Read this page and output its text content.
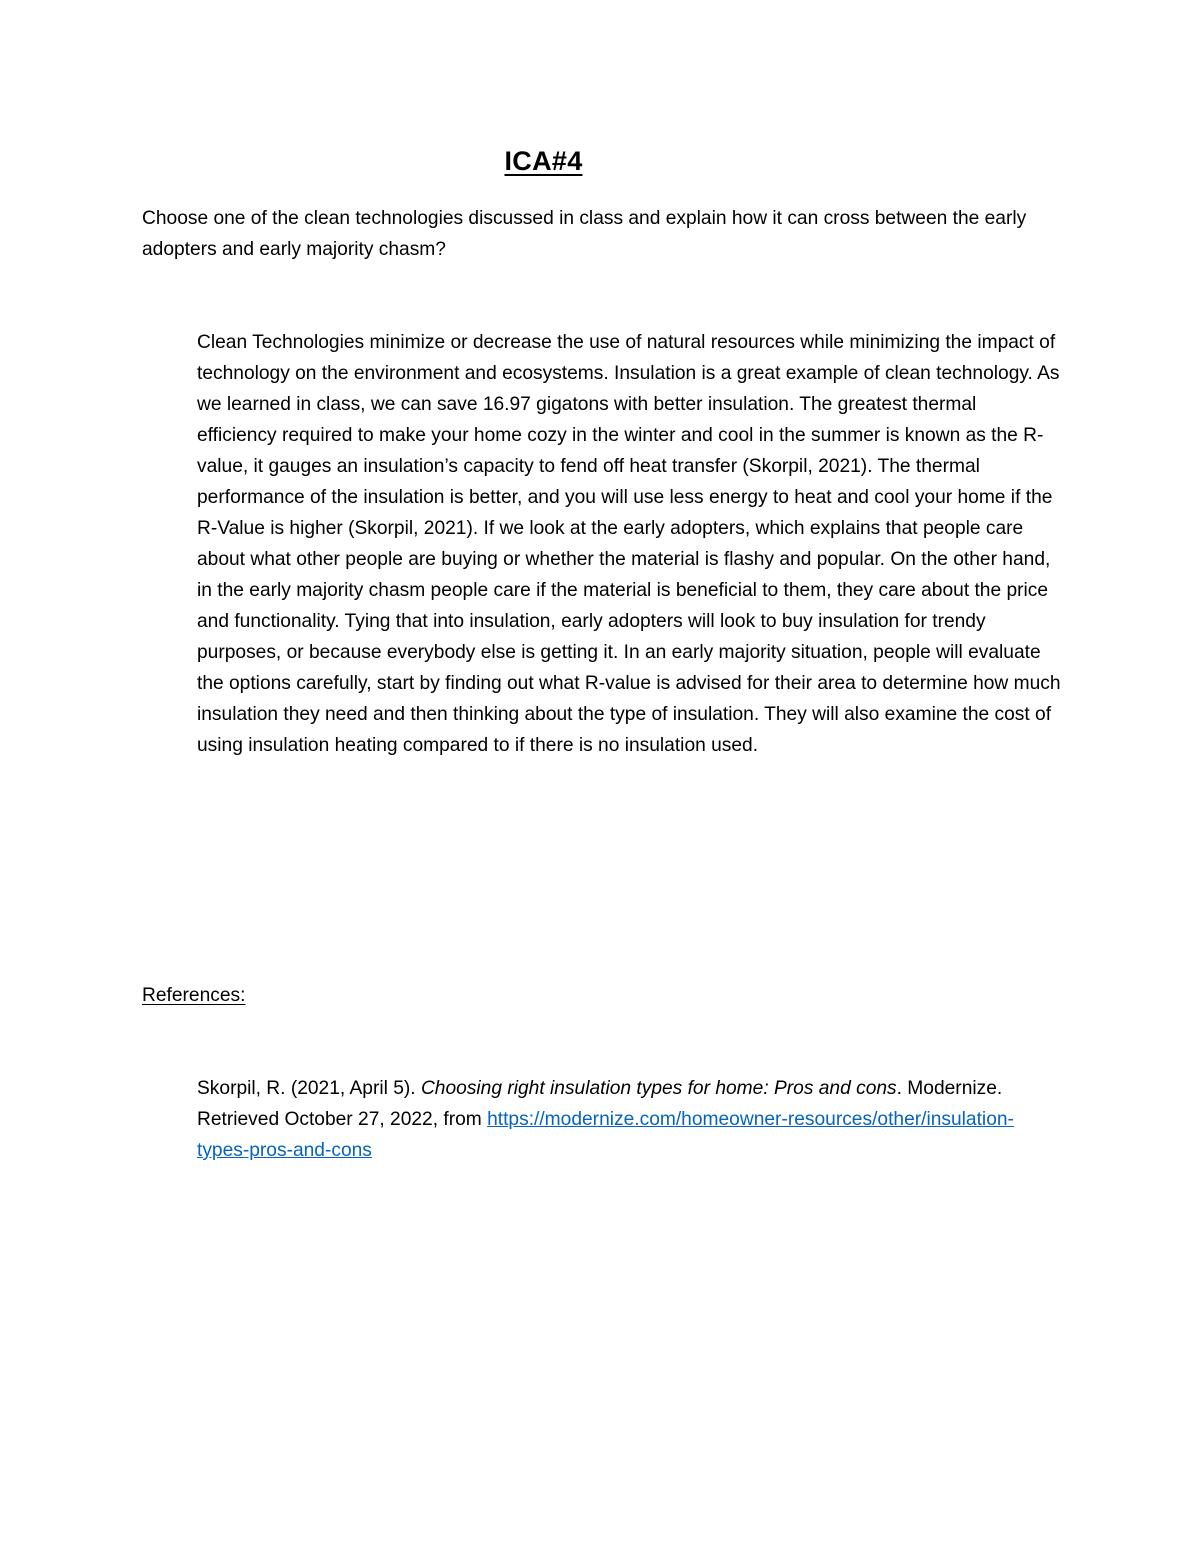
ICA#4
Choose one of the clean technologies discussed in class and explain how it can cross between the early adopters and early majority chasm?
Clean Technologies minimize or decrease the use of natural resources while minimizing the impact of technology on the environment and ecosystems. Insulation is a great example of clean technology. As we learned in class, we can save 16.97 gigatons with better insulation. The greatest thermal efficiency required to make your home cozy in the winter and cool in the summer is known as the R-value, it gauges an insulation’s capacity to fend off heat transfer (Skorpil, 2021). The thermal performance of the insulation is better, and you will use less energy to heat and cool your home if the R-Value is higher (Skorpil, 2021). If we look at the early adopters, which explains that people care about what other people are buying or whether the material is flashy and popular. On the other hand, in the early majority chasm people care if the material is beneficial to them, they care about the price and functionality. Tying that into insulation, early adopters will look to buy insulation for trendy purposes, or because everybody else is getting it. In an early majority situation, people will evaluate the options carefully, start by finding out what R-value is advised for their area to determine how much insulation they need and then thinking about the type of insulation. They will also examine the cost of using insulation heating compared to if there is no insulation used.
References:
Skorpil, R. (2021, April 5). Choosing right insulation types for home: Pros and cons. Modernize. Retrieved October 27, 2022, from https://modernize.com/homeowner-resources/other/insulation-types-pros-and-cons
